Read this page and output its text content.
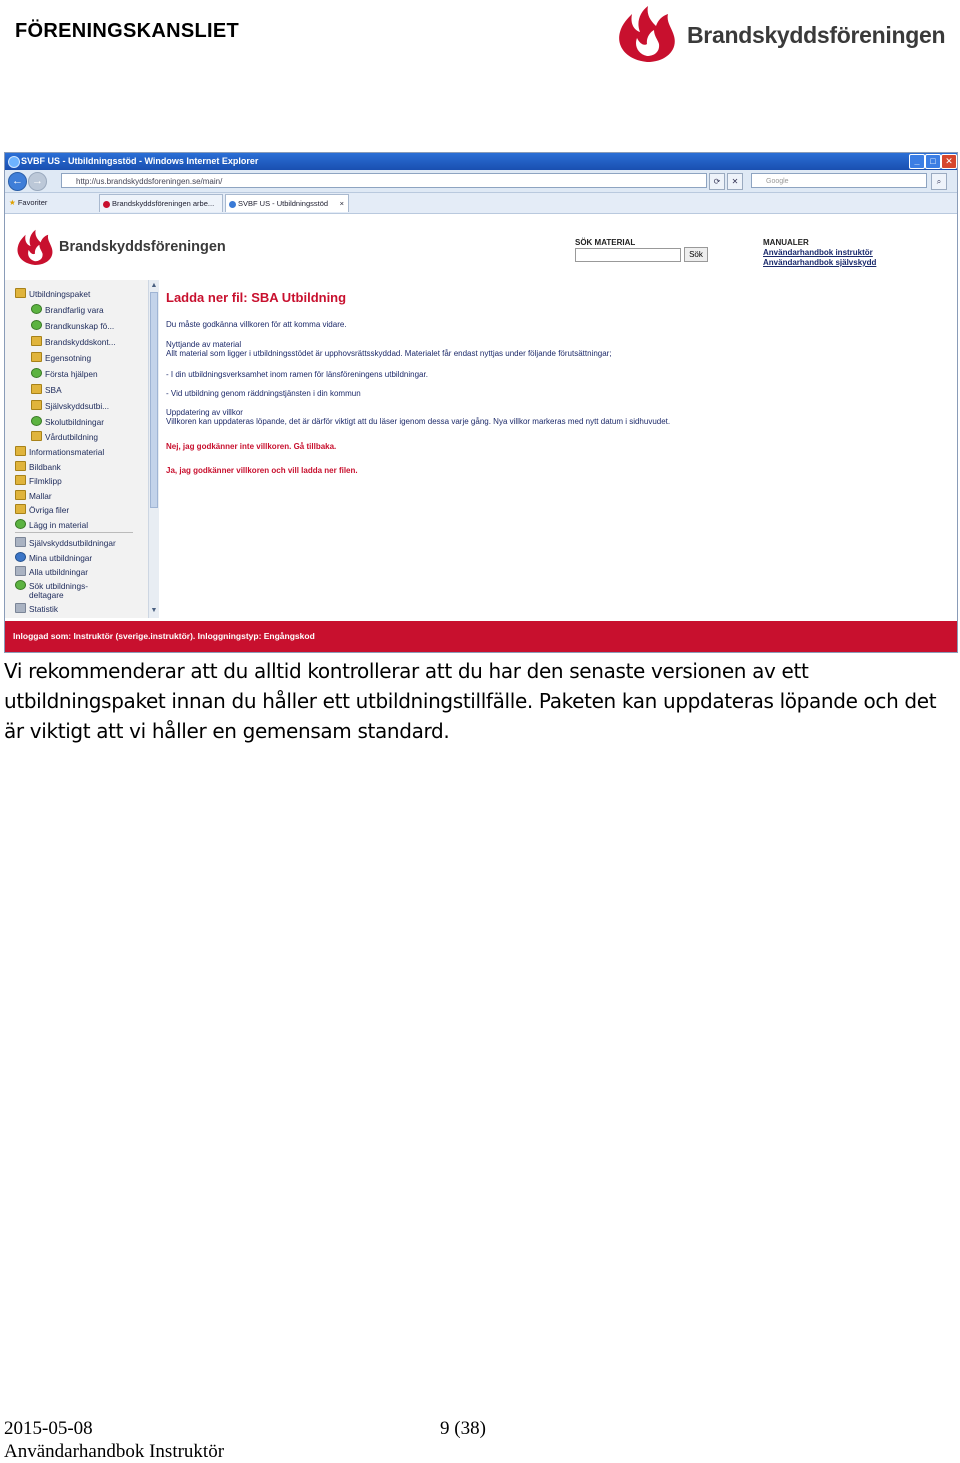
FÖRENINGSKANSLIET	Brandskyddsföreningen
SVBF US - Utbildningsstöd - Windows Internet Explorer	_	□	✕
← →	http://us.brandskyddsforeningen.se/main/	⟳	✕	Google	⌕
★ Favoriter	Brandskyddsföreningen arbe...	SVBF US - Utbildningsstöd ×
Brandskyddsföreningen	SÖK MATERIAL
Sök
MANUALER
Användarhandbok instruktör
Användarhandbok självskydd
Utbildningspaket
Brandfarlig vara
Brandkunskap fö...
Brandskyddskont...
Egensotning
Första hjälpen
SBA
Självskyddsutbi...
Skolutbildningar
Vårdutbildning
Informationsmaterial
Bildbank
Filmklipp
Mallar
Övriga filer
Lägg in material
Självskyddsutbildningar
Mina utbildningar
Alla utbildningar
Sök utbildnings-
deltagare
Statistik
▲
▼
Ladda ner fil: SBA Utbildning
Du måste godkänna villkoren för att komma vidare.
Nyttjande av material
Allt material som ligger i utbildningsstödet är upphovsrättsskyddad. Materialet får endast nyttjas under följande förutsättningar;
- I din utbildningsverksamhet inom ramen för länsföreningens utbildningar.
- Vid utbildning genom räddningstjänsten i din kommun
Uppdatering av villkor
Villkoren kan uppdateras löpande, det är därför viktigt att du läser igenom dessa varje gång. Nya villkor markeras med nytt datum i sidhuvudet.
Nej, jag godkänner inte villkoren. Gå tillbaka.
Ja, jag godkänner villkoren och vill ladda ner filen.
Inloggad som: Instruktör (sverige.instruktör). Inloggningstyp: Engångskod
Vi rekommenderar att du alltid kontrollerar att du har den senaste versionen av ett
utbildningspaket innan du håller ett utbildningstillfälle. Paketen kan uppdateras löpande och det
är viktigt att vi håller en gemensam standard.
2015-05-08	9 (38)
Användarhandbok Instruktör
